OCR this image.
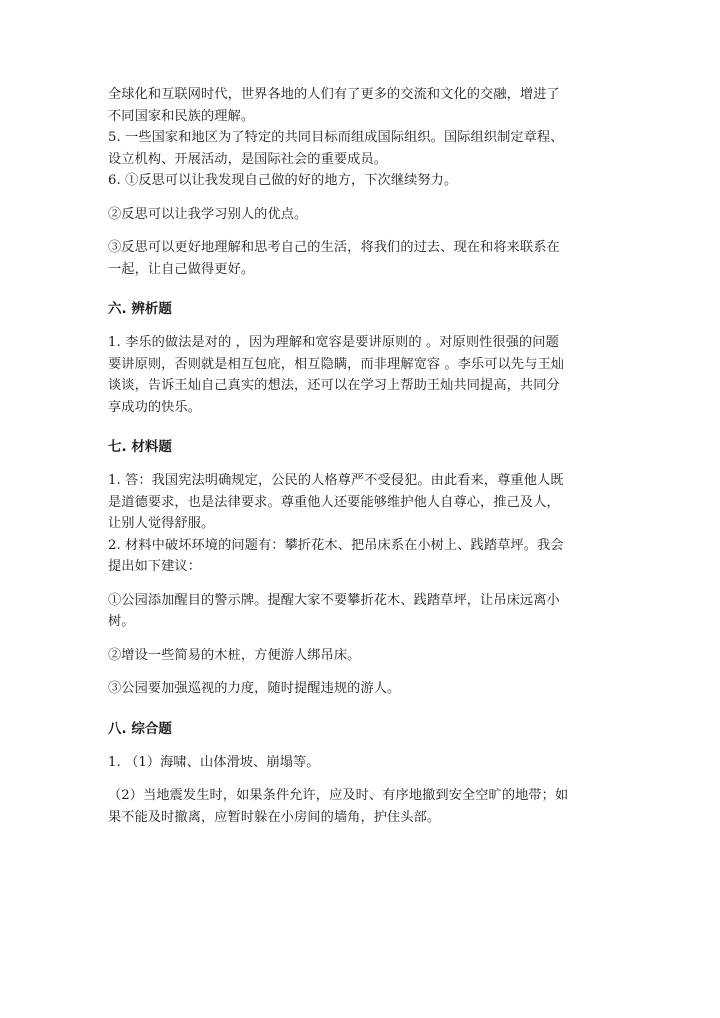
全球化和互联网时代，世界各地的人们有了更多的交流和文化的交融，增进了

不同国家和民族的理解。

5. 一些国家和地区为了特定的共同目标而组成国际组织。国际组织制定章程、

设立机构、开展活动，是国际社会的重要成员。

6. ①反思可以让我发现自己做的好的地方，下次继续努力。

②反思可以让我学习别人的优点。

③反思可以更好地理解和思考自己的生活，将我们的过去、现在和将来联系在

一起，让自己做得更好。

六. 辨析题

1. 李乐的做法是对的 ，因为理解和宽容是要讲原则的 。对原则性很强的问题

要讲原则，否则就是相互包庇，相互隐瞒，而非理解宽容 。李乐可以先与王灿

谈谈，告诉王灿自己真实的想法，还可以在学习上帮助王灿共同提高，共同分

享成功的快乐。

七. 材料题

1. 答：我国宪法明确规定，公民的人格尊严不受侵犯。由此看来，尊重他人既

是道德要求，也是法律要求。尊重他人还要能够维护他人自尊心，推己及人，

让别人觉得舒服。

2. 材料中破坏环境的问题有：攀折花木、把吊床系在小树上、践踏草坪。我会

提出如下建议：

①公园添加醒目的警示牌。提醒大家不要攀折花木、践踏草坪，让吊床远离小

树。

②增设一些简易的木桩，方便游人绑吊床。

③公园要加强巡视的力度，随时提醒违规的游人。

八. 综合题

1. （1）海啸、山体滑坡、崩塌等。

（2）当地震发生时，如果条件允许，应及时、有序地撤到安全空旷的地带；如

果不能及时撤离，应暂时躲在小房间的墙角，护住头部。
